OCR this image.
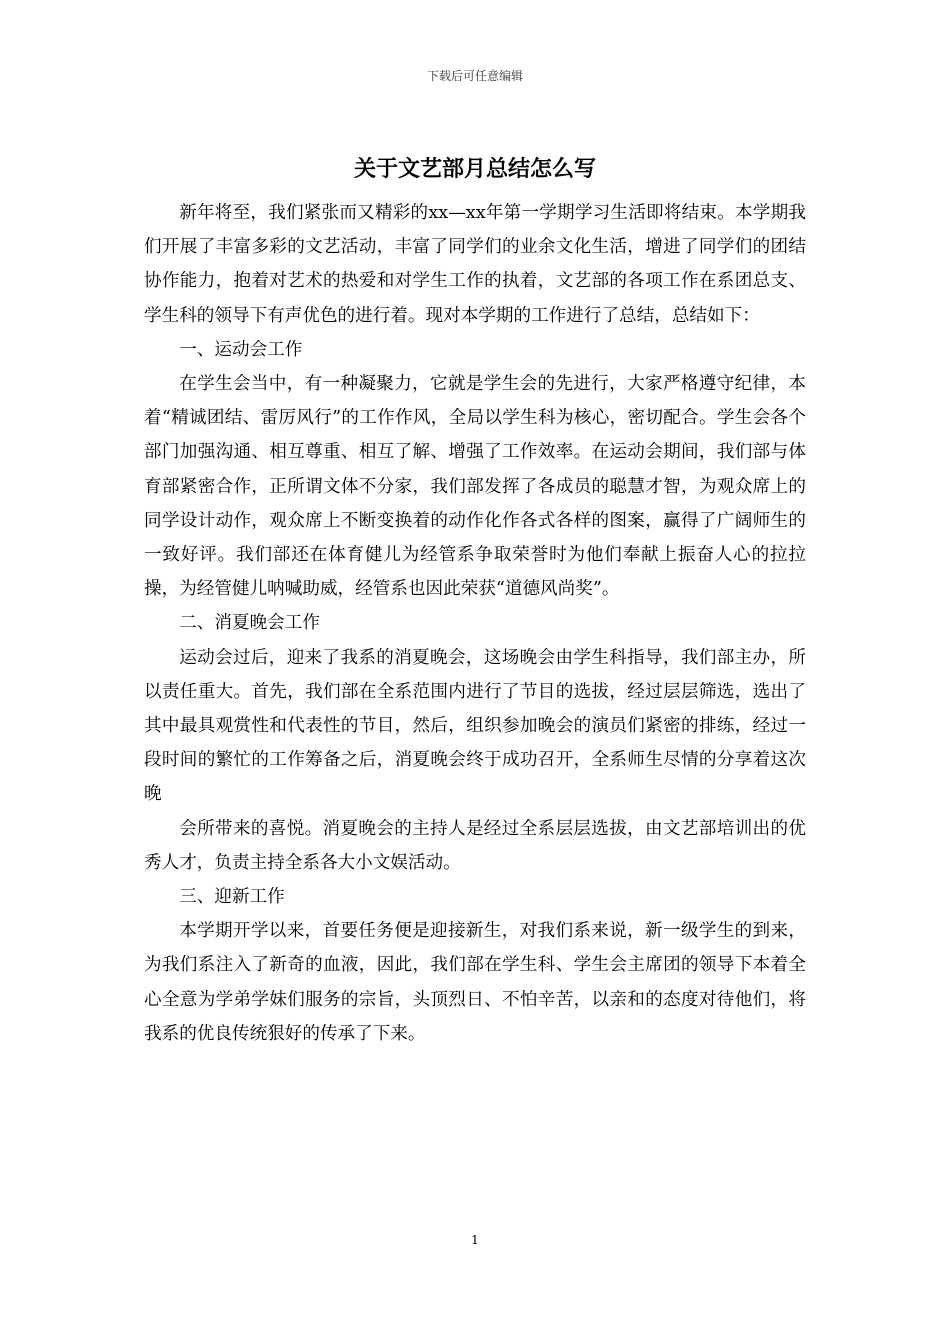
下载后可任意编辑
关于文艺部月总结怎么写

新年将至，我们紧张而又精彩的xx—xx年第一学期学习生活即将结束。本学期我们开展了丰富多彩的文艺活动，丰富了同学们的业余文化生活，增进了同学们的团结协作能力，抱着对艺术的热爱和对学生工作的执着，文艺部的各项工作在系团总支、学生科的领导下有声优色的进行着。现对本学期的工作进行了总结，总结如下：

一、运动会工作

在学生会当中，有一种凝聚力，它就是学生会的先进行，大家严格遵守纪律，本着“精诚团结、雷厉风行”的工作作风，全局以学生科为核心，密切配合。学生会各个部门加强沟通、相互尊重、相互了解、增强了工作效率。在运动会期间，我们部与体育部紧密合作，正所谓文体不分家，我们部发挥了各成员的聪慧才智，为观众席上的同学设计动作，观众席上不断变换着的动作化作各式各样的图案，赢得了广阔师生的一致好评。我们部还在体育健儿为经管系争取荣誉时为他们奉献上振奋人心的拉拉操，为经管健儿呐喊助威，经管系也因此荣获“道德风尚奖”。

二、消夏晚会工作

运动会过后，迎来了我系的消夏晚会，这场晚会由学生科指导，我们部主办，所以责任重大。首先，我们部在全系范围内进行了节目的选拔，经过层层筛选，选出了其中最具观赏性和代表性的节目，然后，组织参加晚会的演员们紧密的排练，经过一段时间的繁忙的工作筹备之后，消夏晚会终于成功召开，全系师生尽情的分享着这次晚

会所带来的喜悦。消夏晚会的主持人是经过全系层层选拔，由文艺部培训出的优秀人才，负责主持全系各大小文娱活动。

三、迎新工作

本学期开学以来，首要任务便是迎接新生，对我们系来说，新一级学生的到来，为我们系注入了新奇的血液，因此，我们部在学生科、学生会主席团的领导下本着全心全意为学弟学妹们服务的宗旨，头顶烈日、不怕辛苦，以亲和的态度对待他们，将我系的优良传统狠好的传承了下来。

1
